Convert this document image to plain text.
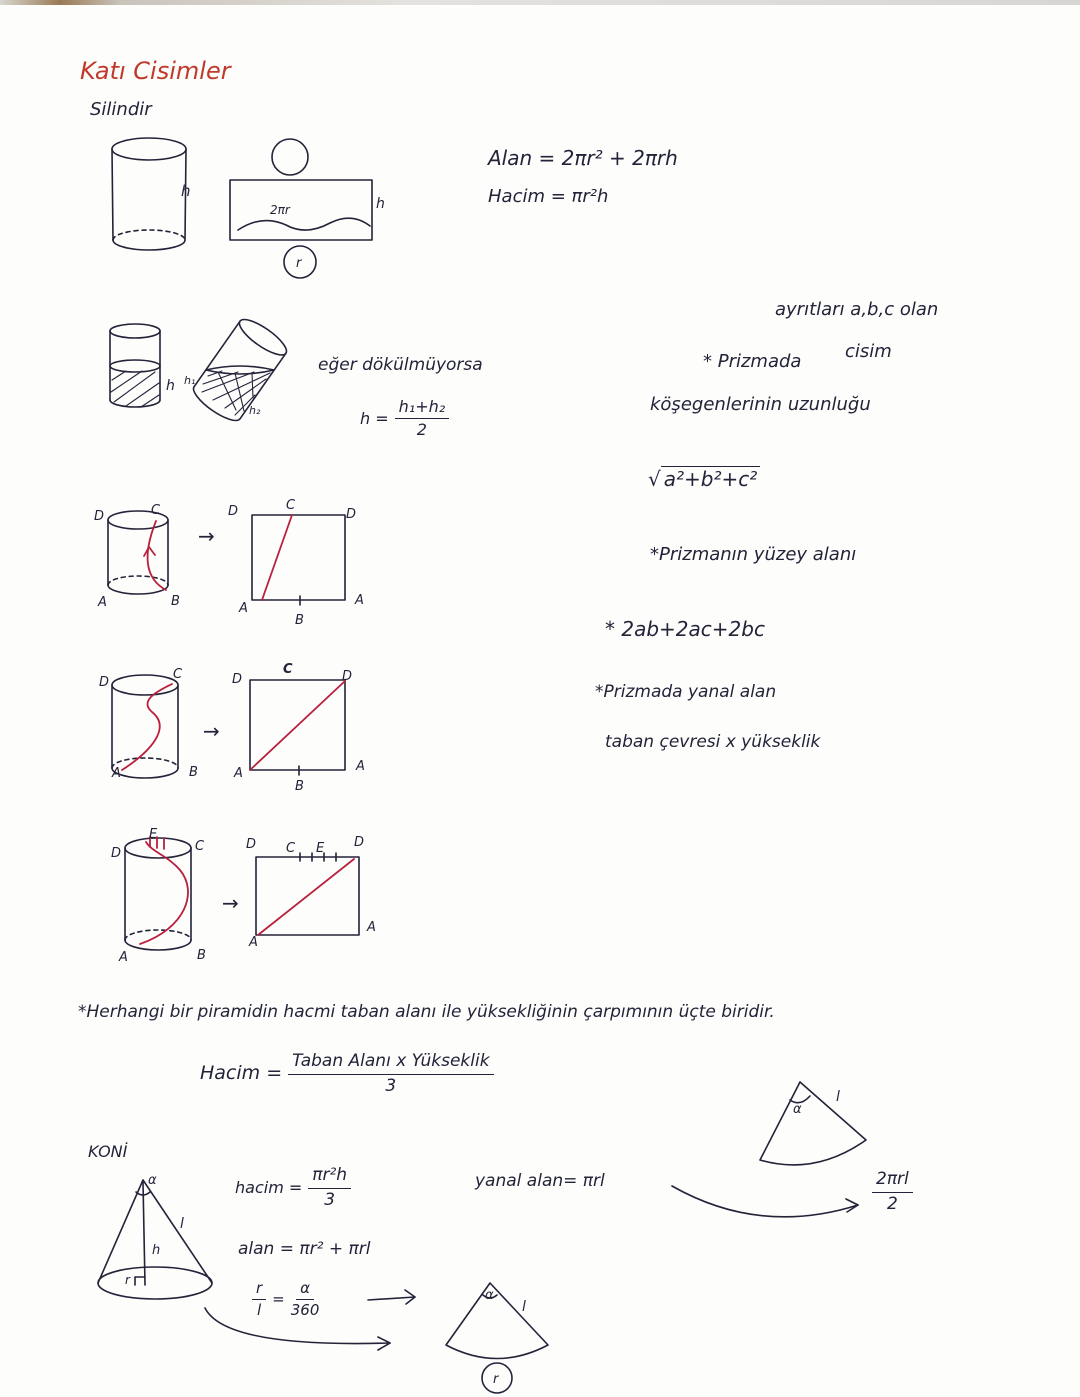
h
2πr
r
h
h h₁
h₂
→
D	C
A	B
D	C
D
A
B
A
→
D
C
A	B
D
C	D
A
B
A
→
D
E
C
A	B
D C E D
A
A
α
l
α
l
h
r
α
l
r
Katı Cisimler
Silindir
Alan = 2πr² + 2πrh
Hacim = πr²h
eğer dökülmüyorsa
$h = \frac{\text{h₁+h₂}}{2}$
ayrıtları a,b,c olan
* Prizmada cisim
köşegenlerinin uzunluğu
√ a²+b²+c²
*Prizmanın yüzey alanı
* 2ab+2ac+2bc
*Prizmada yanal alan
taban çevresi x yükseklik
*Herhangi bir piramidin hacmi taban alanı ile yüksekliğinin çarpımının üçte biridir.
Hacim = $\frac{\text{Taban Alanı x Yükseklik}}{3}$
KONİ
hacim = $\frac{\text{πr²h}}{3}$
alan = πr² + πrl
$\frac{r}{l} = \frac{\alpha}{360}$
yanal alan= πrl	$\frac{\text{2πrl}}{2}$
